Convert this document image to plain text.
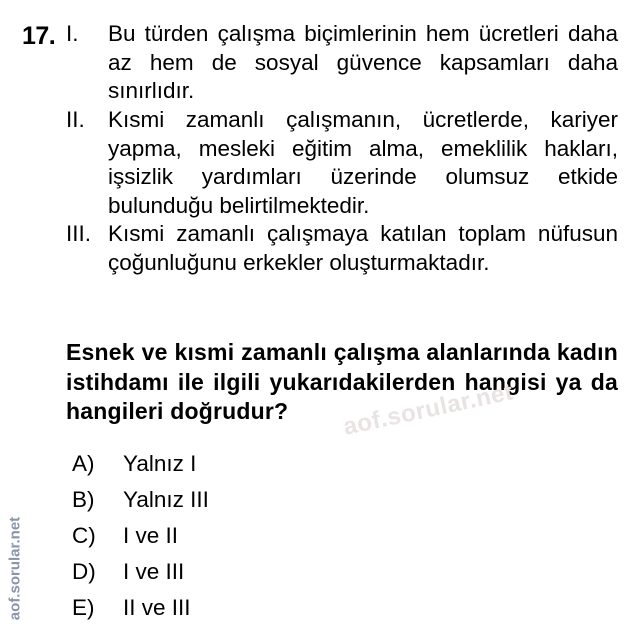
17. I. Bu türden çalışma biçimlerinin hem ücretleri daha az hem de sosyal güvence kapsamları daha sınırlıdır.
II. Kısmi zamanlı çalışmanın, ücretlerde, kariyer yapma, mesleki eğitim alma, emeklilik hakları, işsizlik yardımları üzerinde olumsuz etkide bulunduğu belirtilmektedir.
III. Kısmi zamanlı çalışmaya katılan toplam nüfusun çoğunluğunu erkekler oluşturmaktadır.
Esnek ve kısmi zamanlı çalışma alanlarında kadın istihdamı ile ilgili yukarıdakilerden hangisi ya da hangileri doğrudur?
A) Yalnız I
B) Yalnız III
C) I ve II
D) I ve III
E) II ve III
aof.sorular.net
aof.sorular.net
